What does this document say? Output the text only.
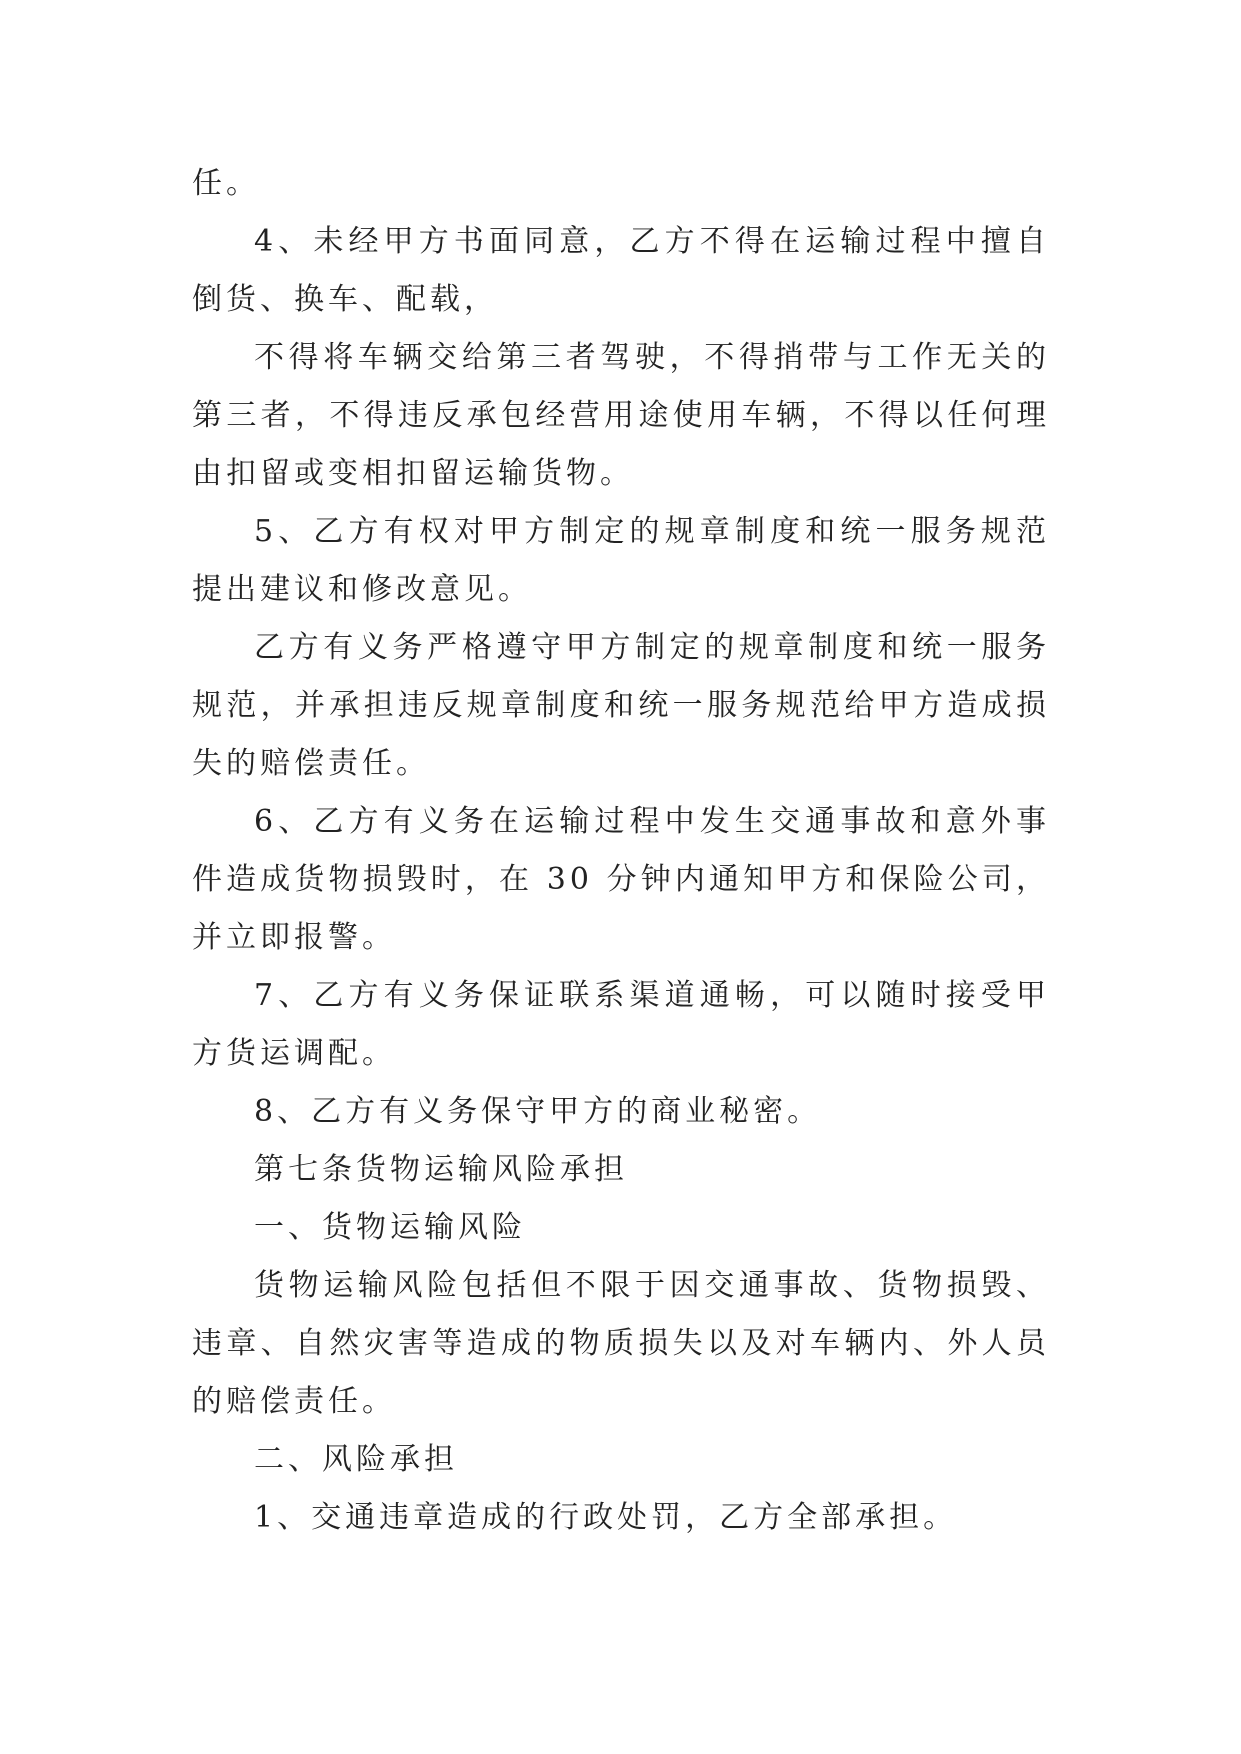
任。

4、未经甲方书面同意，乙方不得在运输过程中擅自倒货、换车、配载，

不得将车辆交给第三者驾驶，不得捎带与工作无关的第三者，不得违反承包经营用途使用车辆，不得以任何理由扣留或变相扣留运输货物。

5、乙方有权对甲方制定的规章制度和统一服务规范提出建议和修改意见。

乙方有义务严格遵守甲方制定的规章制度和统一服务规范，并承担违反规章制度和统一服务规范给甲方造成损失的赔偿责任。

6、乙方有义务在运输过程中发生交通事故和意外事件造成货物损毁时，在 30 分钟内通知甲方和保险公司，并立即报警。

7、乙方有义务保证联系渠道通畅，可以随时接受甲方货运调配。

8、乙方有义务保守甲方的商业秘密。

第七条货物运输风险承担

一、货物运输风险

货物运输风险包括但不限于因交通事故、货物损毁、违章、自然灾害等造成的物质损失以及对车辆内、外人员的赔偿责任。

二、风险承担

1、交通违章造成的行政处罚，乙方全部承担。
